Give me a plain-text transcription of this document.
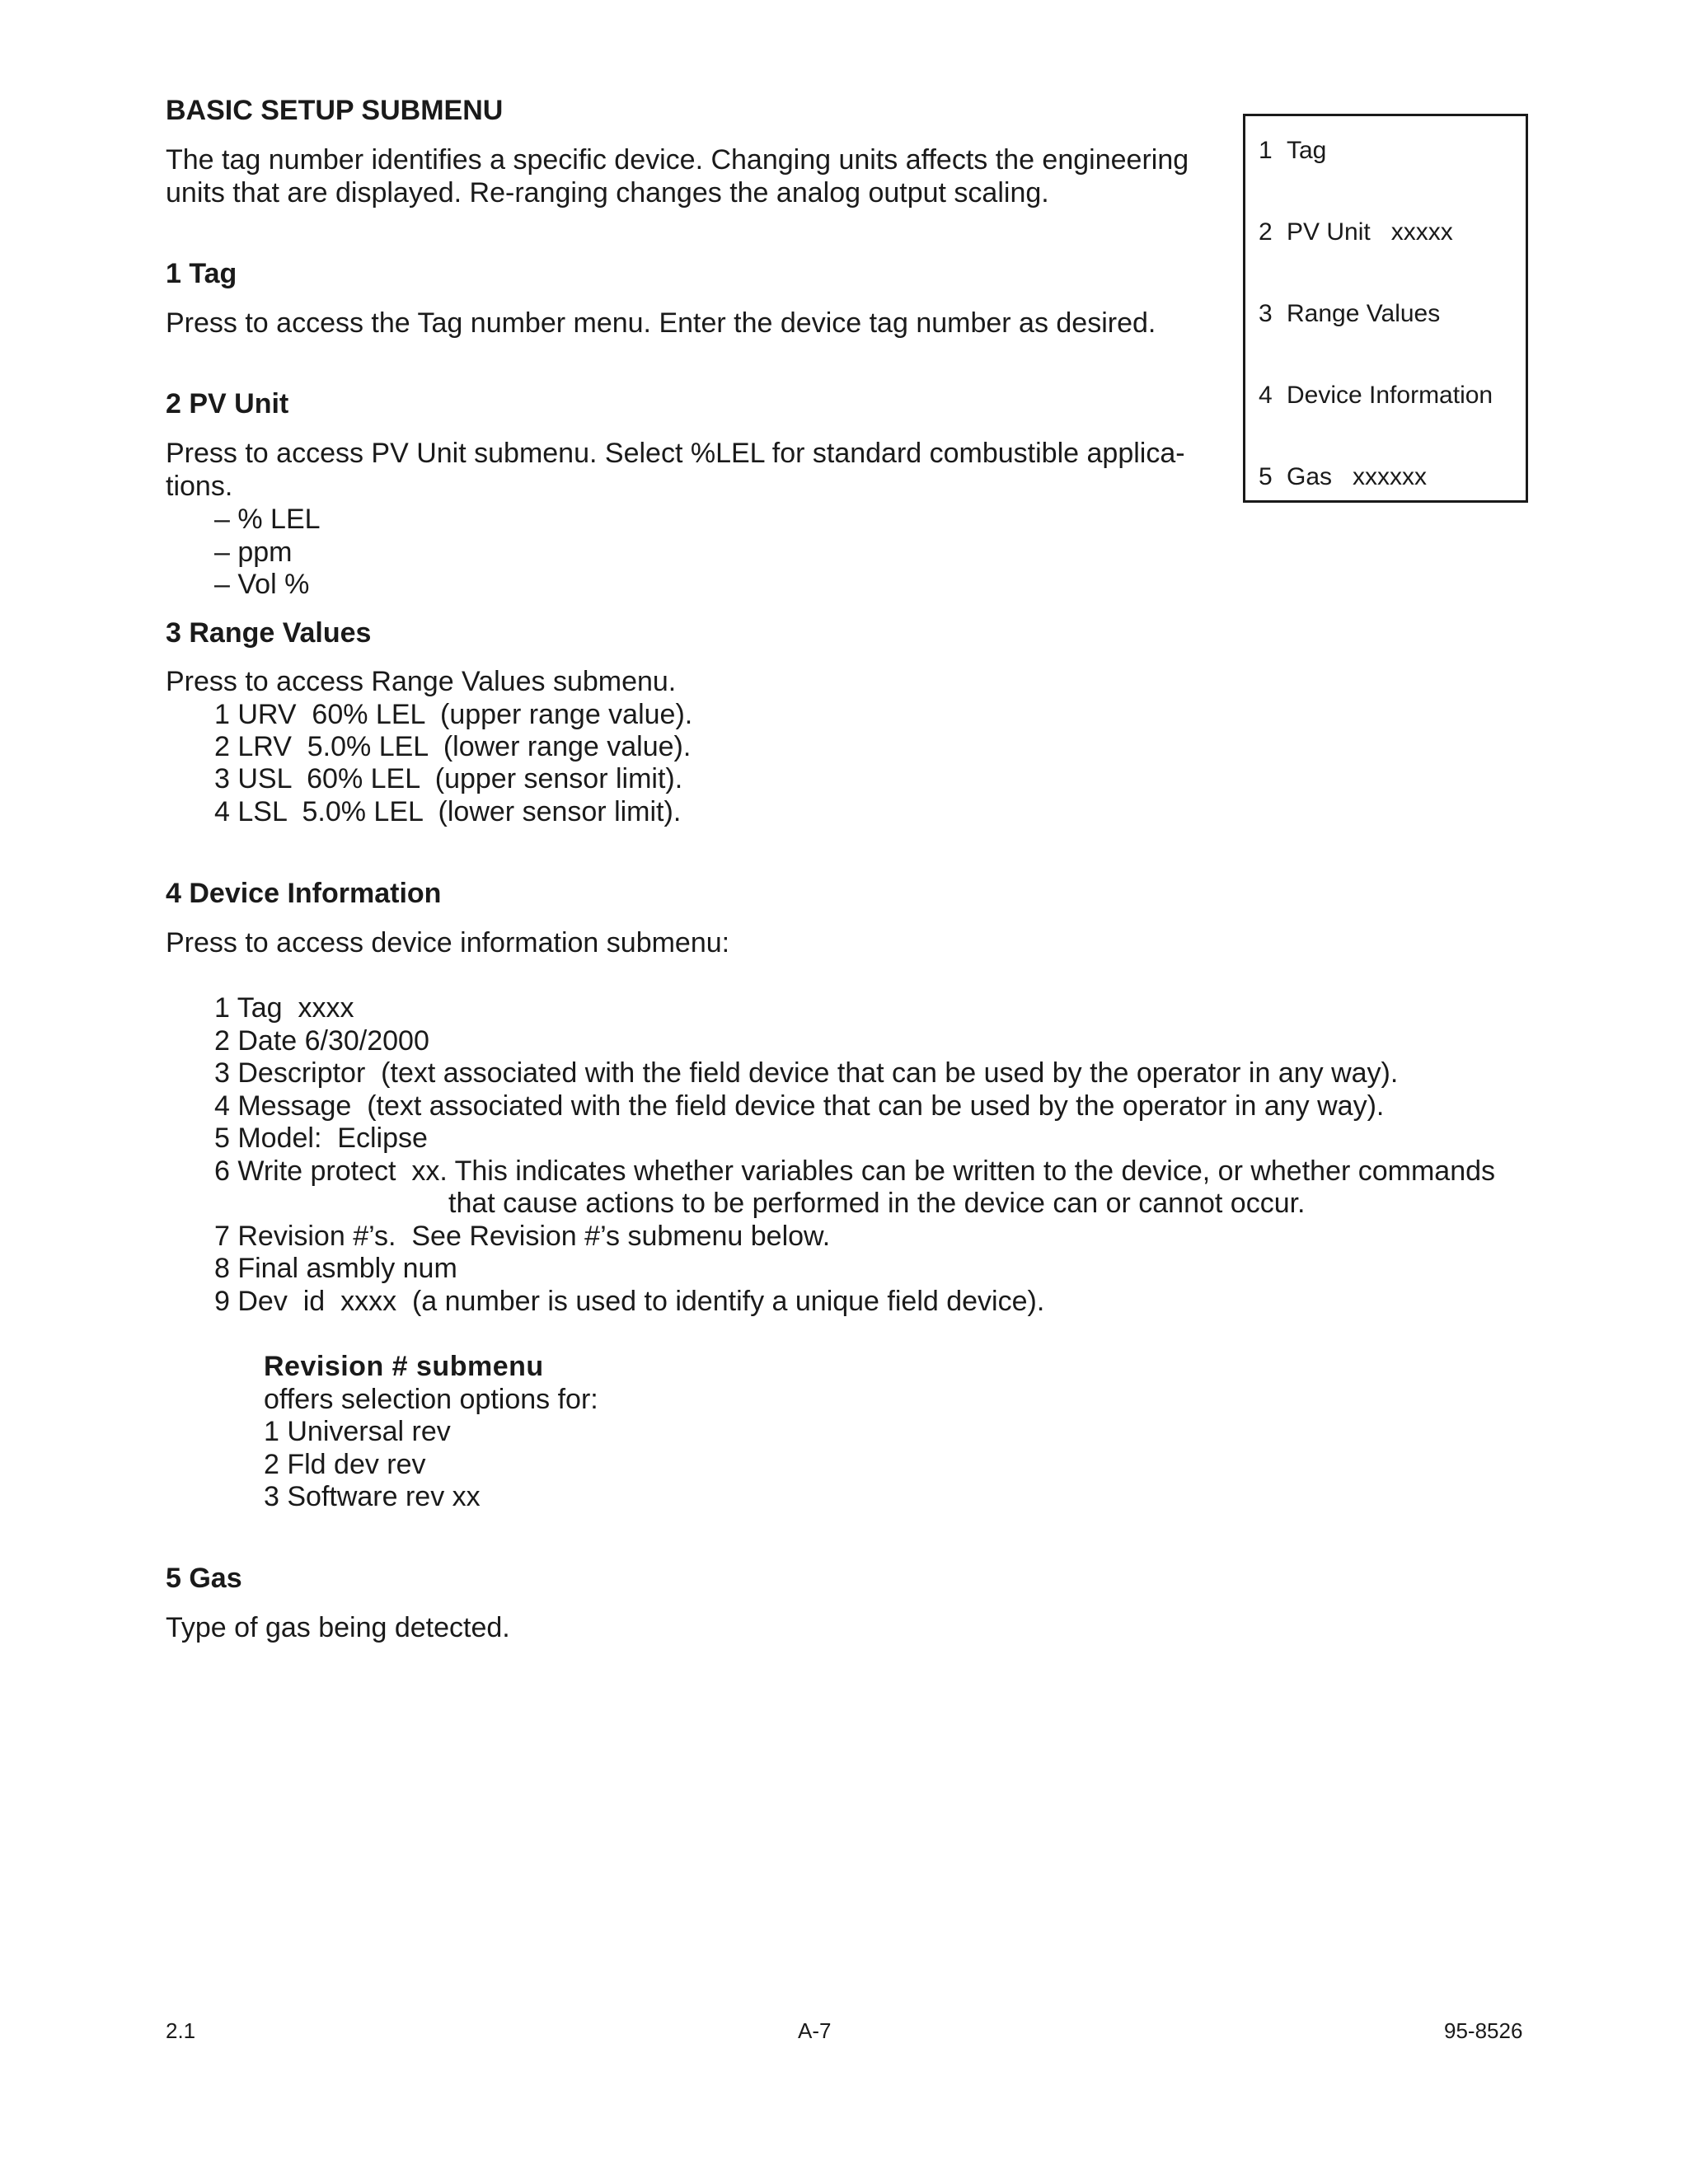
BASIC SETUP SUBMENU
The tag number identifies a specific device. Changing units affects the engineering units that are displayed. Re-ranging changes the analog output scaling.
1 Tag
2 PV Unit   xxxxx
3 Range Values
4 Device Information
5 Gas   xxxxxx
1 Tag
Press to access the Tag number menu. Enter the device tag number as desired.
2 PV Unit
Press to access PV Unit submenu. Select %LEL for standard combustible applica-
tions.
– % LEL
– ppm
– Vol %
3 Range Values
Press to access Range Values submenu.
1 URV  60% LEL  (upper range value).
2 LRV  5.0% LEL  (lower range value).
3 USL  60% LEL  (upper sensor limit).
4 LSL  5.0% LEL  (lower sensor limit).
4 Device Information
Press to access device information submenu:
1 Tag  xxxx
2 Date 6/30/2000
3 Descriptor  (text associated with the field device that can be used by the operator in any way).
4 Message  (text associated with the field device that can be used by the operator in any way).
5 Model:  Eclipse
6 Write protect  xx. This indicates whether variables can be written to the device, or whether commands
that cause actions to be performed in the device can or cannot occur.
7 Revision #’s.  See Revision #’s submenu below.
8 Final asmbly num
9 Dev  id  xxxx  (a number is used to identify a unique field device).
Revision # submenu
offers selection options for:
1 Universal rev
2 Fld dev rev
3 Software rev xx
5 Gas
Type of gas being detected.
2.1	A-7	95-8526
